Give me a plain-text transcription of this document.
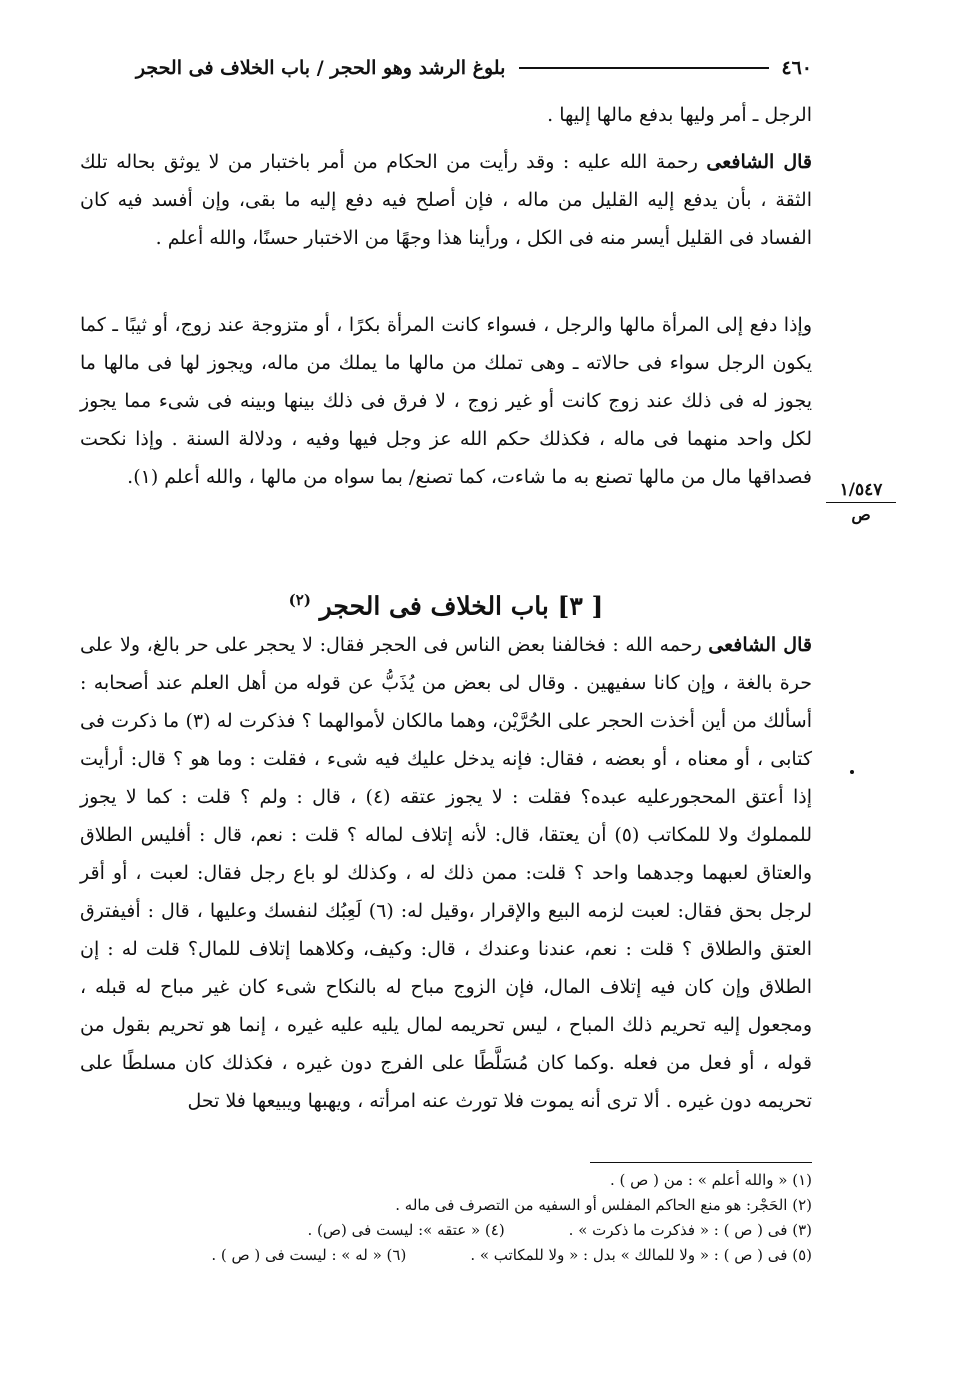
٤٦٠
بلوغ الرشد وهو الحجر / باب الخلاف فى الحجر

الرجل ـ أمر وليها بدفع مالها إليها .

قال الشافعى رحمة الله عليه : وقد رأيت من الحكام من أمر باختبار من لا يوثق بحاله تلك الثقة ، بأن يدفع إليه القليل من ماله ، فإن أصلح فيه دفع إليه ما بقى، وإن أفسد فيه كان الفساد فى القليل أيسر منه فى الكل ، ورأينا هذا وجهًا من الاختبار حسنًا، والله أعلم .

وإذا دفع إلى المرأة مالها والرجل ، فسواء كانت المرأة بكرًا ، أو متزوجة عند زوج، أو ثيبًا ـ كما يكون الرجل سواء فى حالاته ـ وهى تملك من مالها ما يملك من ماله، ويجوز لها فى مالها ما يجوز له فى ذلك عند زوج كانت أو غير زوج ، لا فرق فى ذلك بينها وبينه فى شىء مما يجوز لكل واحد منهما فى ماله ، فكذلك حكم الله عز وجل فيها وفيه ، ودلالة السنة . وإذا نكحت فصداقها مال من مالها تصنع به ما شاءت، كما تصنع/ بما سواه من مالها ، والله أعلم (١).

١/٥٤٧
ص
[ ٣] باب الخلاف فى الحجر $^{(٢)}$

قال الشافعى رحمه الله : فخالفنا بعض الناس فى الحجر فقال: لا يحجر على حر بالغ، ولا على حرة بالغة ، وإن كانا سفيهين . وقال لى بعض من يُذَبُّ عن قوله من أهل العلم عند أصحابه : أسألك من أين أخذت الحجر على الحُرَّيْن، وهما مالكان لأموالهما ؟ فذكرت له (٣) ما ذكرت فى كتابى ، أو معناه ، أو بعضه ، فقال: فإنه يدخل عليك فيه شىء ، فقلت : وما هو ؟ قال: أرأيت إذا أعتق المحجورعليه عبده؟ فقلت : لا يجوز عتقه (٤) ، قال : ولم ؟ قلت : كما لا يجوز للمملوك ولا للمكاتب (٥) أن يعتقا، قال: لأنه إتلاف لماله ؟ قلت : نعم، قال : أفليس الطلاق والعتاق لعبهما وجدهما واحد ؟ قلت: ممن ذلك له ، وكذلك لو باع رجل فقال: لعبت ، أو أقر لرجل بحق فقال: لعبت لزمه البيع والإقرار ،وقيل له: (٦) لَعِبُك لنفسك وعليها ، قال : أفيفترق العتق والطلاق ؟ قلت : نعم، عندنا وعندك ، قال: وكيف، وكلاهما إتلاف للمال؟ قلت له : إن الطلاق وإن كان فيه إتلاف المال، فإن الزوج مباح له بالنكاح شىء كان غير مباح له قبله ، ومجعول إليه تحريم ذلك المباح ، ليس تحريمه لمال يليه عليه غيره ، إنما هو تحريم بقول من قوله ، أو فعل من فعله .وكما كان مُسَلَّطًا على الفرج دون غيره ، فكذلك كان مسلطًا على تحريمه دون غيره . ألا ترى أنه يموت فلا تورث عنه امرأته ، ويهبها ويبيعها فلا تحل

(١) « والله أعلم » : من ( ص ) .
(٢) الحَجْر: هو منع الحاكم المفلس أو السفيه من التصرف فى ماله .
(٣) فى ( ص ) : « فذكرت ما ذكرت » .
(٤) « عتقه »: ليست فى (ص) .
(٥) فى ( ص ) : « ولا للمالك » بدل : « ولا للمكاتب » .
(٦) « له » : ليست فى ( ص ) .
